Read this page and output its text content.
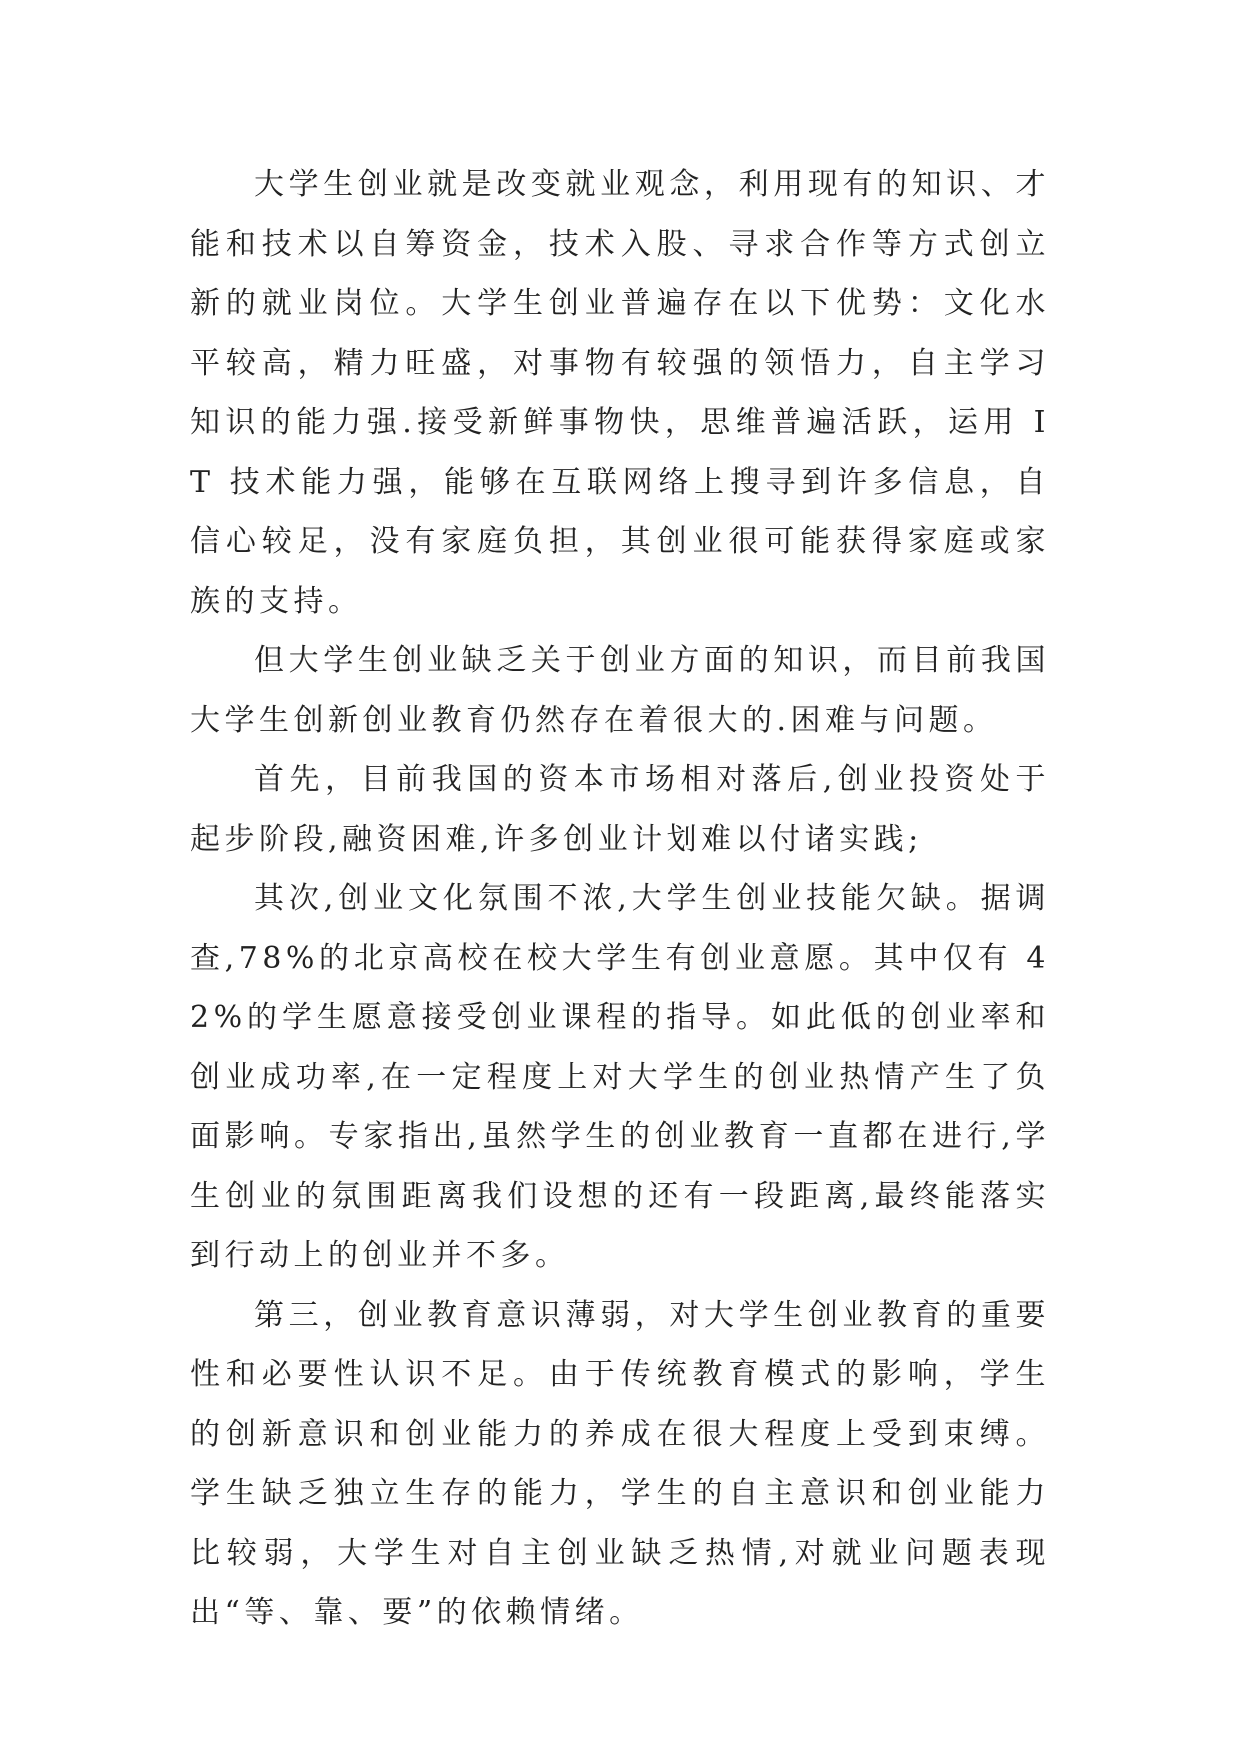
大学生创业就是改变就业观念，利用现有的知识、才能和技术以自筹资金，技术入股、寻求合作等方式创立新的就业岗位。大学生创业普遍存在以下优势：文化水平较高，精力旺盛，对事物有较强的领悟力，自主学习知识的能力强.接受新鲜事物快，思维普遍活跃，运用 IT 技术能力强，能够在互联网络上搜寻到许多信息，自信心较足，没有家庭负担，其创业很可能获得家庭或家族的支持。

但大学生创业缺乏关于创业方面的知识，而目前我国大学生创新创业教育仍然存在着很大的.困难与问题。

首先，目前我国的资本市场相对落后,创业投资处于起步阶段,融资困难,许多创业计划难以付诸实践;

其次,创业文化氛围不浓,大学生创业技能欠缺。据调查,78%的北京高校在校大学生有创业意愿。其中仅有 42%的学生愿意接受创业课程的指导。如此低的创业率和创业成功率,在一定程度上对大学生的创业热情产生了负面影响。专家指出,虽然学生的创业教育一直都在进行,学生创业的氛围距离我们设想的还有一段距离,最终能落实到行动上的创业并不多。

第三，创业教育意识薄弱，对大学生创业教育的重要性和必要性认识不足。由于传统教育模式的影响，学生的创新意识和创业能力的养成在很大程度上受到束缚。学生缺乏独立生存的能力，学生的自主意识和创业能力比较弱，大学生对自主创业缺乏热情,对就业问题表现出“等、靠、要”的依赖情绪。
